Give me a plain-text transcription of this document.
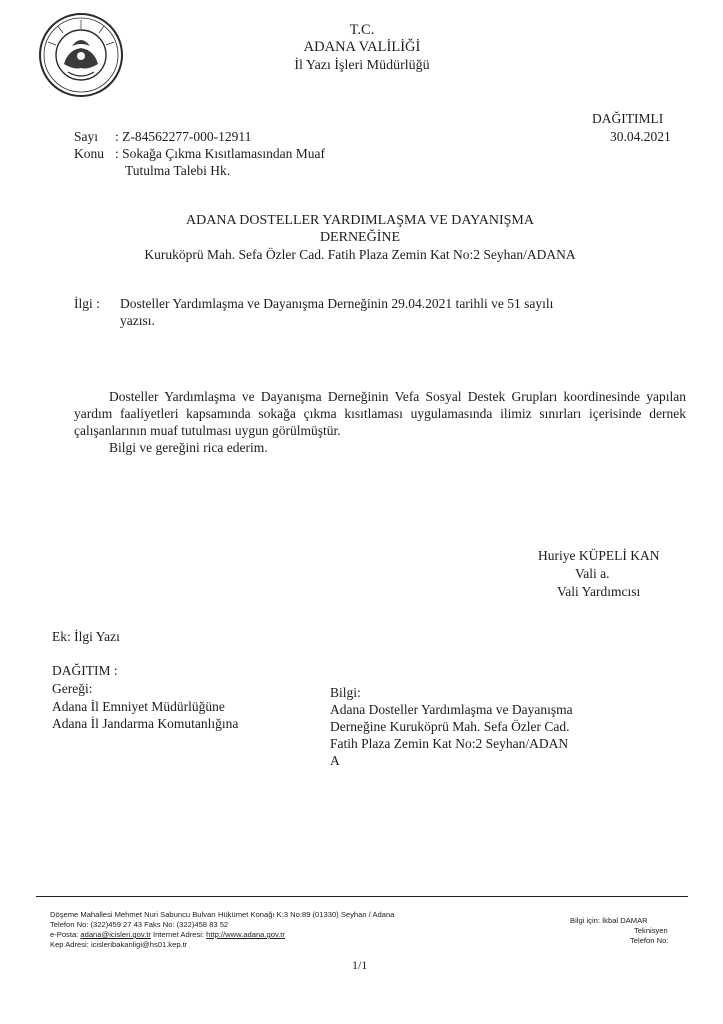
T.C.
ADANA VALİLİĞİ
İl Yazı İşleri Müdürlüğü
DAĞITIMLI
30.04.2021
Sayı : Z-84562277-000-12911
Konu : Sokağa Çıkma Kısıtlamasından Muaf
Tutulma Talebi Hk.
ADANA DOSTELLER YARDIMLAŞMA VE DAYANIŞMA
DERNEĞİNE
Kuruköprü Mah. Sefa Özler Cad. Fatih Plaza Zemin Kat No:2 Seyhan/ADANA
İlgi : Dosteller Yardımlaşma ve Dayanışma Derneğinin 29.04.2021 tarihli ve 51 sayılı
yazısı.

Dosteller Yardımlaşma ve Dayanışma Derneğinin Vefa Sosyal Destek Grupları koordinesinde yapılan yardım faaliyetleri kapsamında sokağa çıkma kısıtlaması uygulamasında ilimiz sınırları içerisinde dernek çalışanlarının muaf tutulması uygun görülmüştür.

Bilgi ve gereğini rica ederim.

Huriye KÜPELİ KAN
Vali a.
Vali Yardımcısı
Ek: İlgi Yazı
DAĞITIM :
Gereği:
Adana İl Emniyet Müdürlüğüne
Adana İl Jandarma Komutanlığına
Bilgi:
Adana Dosteller Yardımlaşma ve Dayanışma
Derneğine Kuruköprü Mah. Sefa Özler Cad.
Fatih Plaza Zemin Kat No:2 Seyhan/ADAN
A
Döşeme Mahallesi Mehmet Nuri Sabuncu Bulvarı Hükümet Konağı K:3 No:89 (01330) Seyhan / Adana
Telefon No: (322)459 27 43 Faks No: (322)458 83 52
e-Posta: adana@icisleri.gov.tr Internet Adresi: http://www.adana.gov.tr
Kep Adresi: icisleribakanligi@hs01.kep.tr
Bilgi için: İkbal DAMAR
Teknisyen
Telefon No:
1/1
